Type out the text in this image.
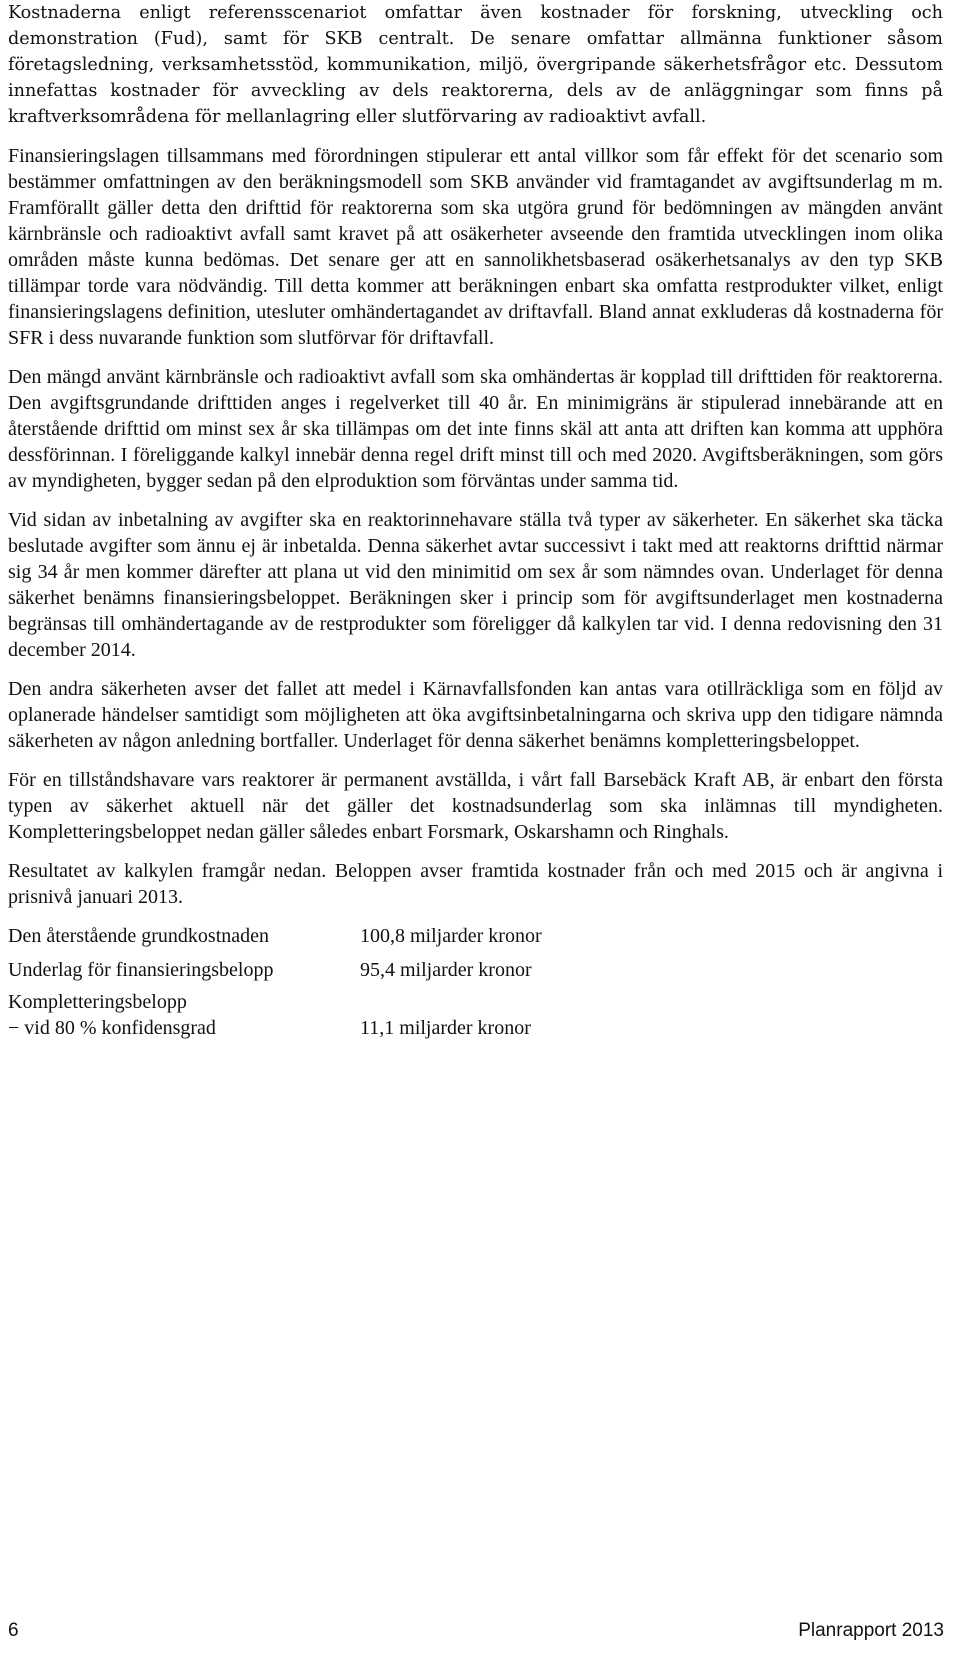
Kostnaderna enligt referensscenariot omfattar även kostnader för forskning, utveckling och demonstration (Fud), samt för SKB centralt. De senare omfattar allmänna funktioner såsom företagsledning, verksamhetsstöd, kommunikation, miljö, övergripande säkerhetsfrågor etc. Dessutom innefattas kostnader för avveckling av dels reaktorerna, dels av de anläggningar som finns på kraftverksområdena för mellanlagring eller slutförvaring av radioaktivt avfall.

Finansieringslagen tillsammans med förordningen stipulerar ett antal villkor som får effekt för det scenario som bestämmer omfattningen av den beräkningsmodell som SKB använder vid framtagandet av avgiftsunderlag m m. Framförallt gäller detta den drifttid för reaktorerna som ska utgöra grund för bedömningen av mängden använt kärnbränsle och radioaktivt avfall samt kravet på att osäkerheter avseende den framtida utvecklingen inom olika områden måste kunna bedömas. Det senare ger att en sannolikhetsbaserad osäkerhetsanalys av den typ SKB tillämpar torde vara nödvändig. Till detta kommer att beräkningen enbart ska omfatta restprodukter vilket, enligt finansieringslagens definition, utesluter omhändertagandet av driftavfall. Bland annat exkluderas då kostnaderna för SFR i dess nuvarande funktion som slutförvar för driftavfall.

Den mängd använt kärnbränsle och radioaktivt avfall som ska omhändertas är kopplad till drifttiden för reaktorerna. Den avgiftsgrundande drifttiden anges i regelverket till 40 år. En minimigräns är stipulerad innebärande att en återstående drifttid om minst sex år ska tillämpas om det inte finns skäl att anta att driften kan komma att upphöra dessförinnan. I föreliggande kalkyl innebär denna regel drift minst till och med 2020. Avgiftsberäkningen, som görs av myndigheten, bygger sedan på den elproduktion som förväntas under samma tid.

Vid sidan av inbetalning av avgifter ska en reaktorinnehavare ställa två typer av säkerheter. En säkerhet ska täcka beslutade avgifter som ännu ej är inbetalda. Denna säkerhet avtar successivt i takt med att reaktorns drifttid närmar sig 34 år men kommer därefter att plana ut vid den minimitid om sex år som nämndes ovan. Underlaget för denna säkerhet benämns finansieringsbeloppet. Beräkningen sker i princip som för avgiftsunderlaget men kostnaderna begränsas till omhändertagande av de restprodukter som föreligger då kalkylen tar vid. I denna redovisning den 31 december 2014.

Den andra säkerheten avser det fallet att medel i Kärnavfallsfonden kan antas vara otillräckliga som en följd av oplanerade händelser samtidigt som möjligheten att öka avgiftsinbetalningarna och skriva upp den tidigare nämnda säkerheten av någon anledning bortfaller. Underlaget för denna säkerhet benämns kompletteringsbeloppet.

För en tillståndshavare vars reaktorer är permanent avställda, i vårt fall Barsebäck Kraft AB, är enbart den första typen av säkerhet aktuell när det gäller det kostnadsunderlag som ska inlämnas till myndigheten. Kompletteringsbeloppet nedan gäller således enbart Forsmark, Oskarshamn och Ringhals.

Resultatet av kalkylen framgår nedan. Beloppen avser framtida kostnader från och med 2015 och är angivna i prisnivå januari 2013.

Den återstående grundkostnaden	100,8 miljarder kronor
Underlag för finansieringsbelopp	95,4 miljarder kronor
Kompletteringsbelopp
− vid 80 % konfidensgrad	11,1 miljarder kronor
6	Planrapport 2013
